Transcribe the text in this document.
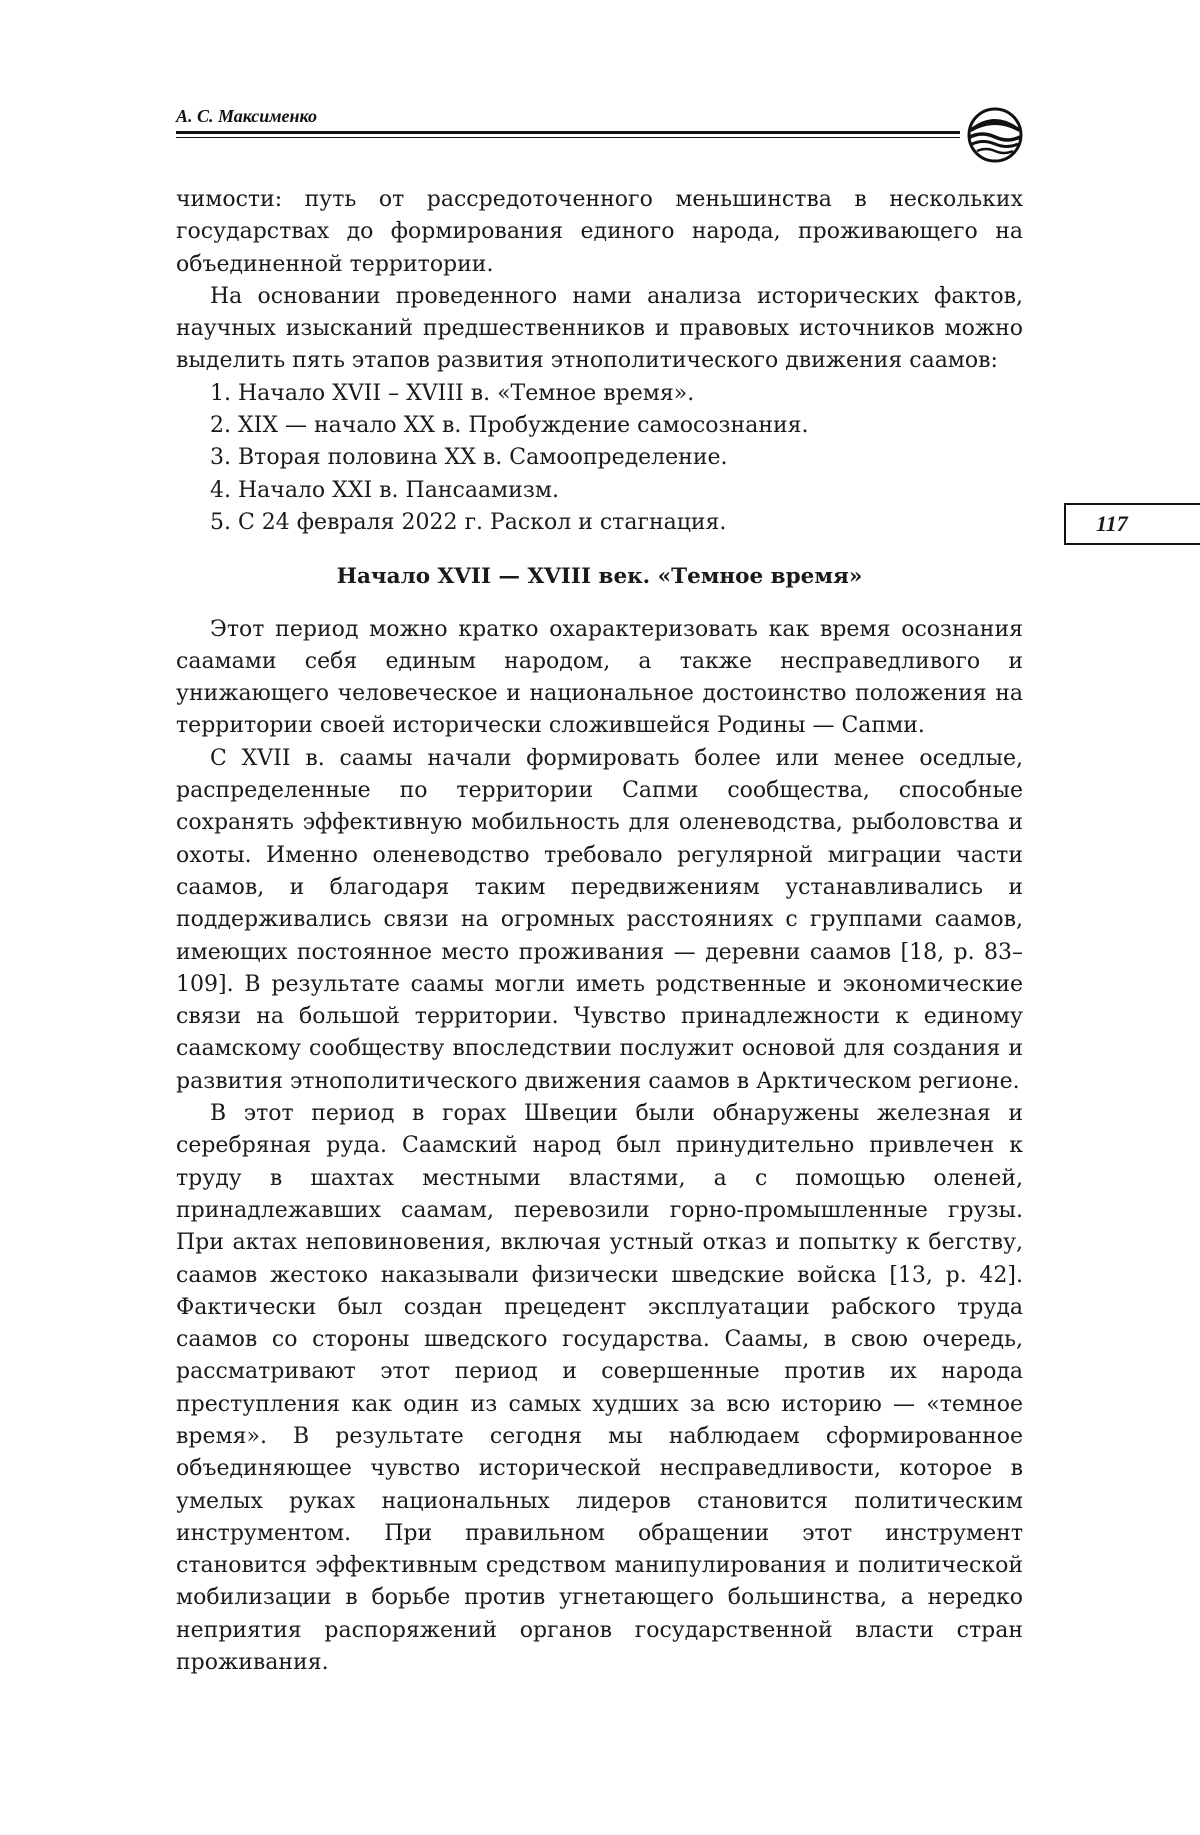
А. С. Максименко
117

чимости: путь от рассредоточенного меньшинства в нескольких государствах до формирования единого народа, проживающего на объединенной территории.

На основании проведенного нами анализа исторических фактов, научных изысканий предшественников и правовых источников можно выделить пять этапов развития этнополитического движения саамов:

1. Начало XVII – XVIII в. «Темное время».
2. XIX — начало XX в. Пробуждение самосознания.
3. Вторая половина XX в. Самоопределение.
4. Начало XXI в. Пансаамизм.
5. С 24 февраля 2022 г. Раскол и стагнация.
Начало XVII — XVIII век. «Темное время»

Этот период можно кратко охарактеризовать как время осознания саамами себя единым народом, а также несправедливого и унижающего человеческое и национальное достоинство положения на территории своей исторически сложившейся Родины — Сапми.

С XVII в. саамы начали формировать более или менее оседлые, распределенные по территории Сапми сообщества, способные сохранять эффективную мобильность для оленеводства, рыболовства и охоты. Именно оленеводство требовало регулярной миграции части саамов, и благодаря таким передвижениям устанавливались и поддерживались связи на огромных расстояниях с группами саамов, имеющих постоянное место проживания — деревни саамов [18, p. 83–109]. В результате саамы могли иметь родственные и экономические связи на большой территории. Чувство принадлежности к единому саамскому сообществу впоследствии послужит основой для создания и развития этнополитического движения саамов в Арктическом регионе.

В этот период в горах Швеции были обнаружены железная и серебряная руда. Саамский народ был принудительно привлечен к труду в шахтах местными властями, а с помощью оленей, принадлежавших саамам, перевозили горно-промышленные грузы. При актах неповиновения, включая устный отказ и попытку к бегству, саамов жестоко наказывали физически шведские войска [13, p. 42]. Фактически был создан прецедент эксплуатации рабского труда саамов со стороны шведского государства. Саамы, в свою очередь, рассматривают этот период и совершенные против их народа преступления как один из самых худших за всю историю — «темное время». В результате сегодня мы наблюдаем сформированное объединяющее чувство исторической несправедливости, которое в умелых руках национальных лидеров становится политическим инструментом. При правильном обращении этот инструмент становится эффективным средством манипулирования и политической мобилизации в борьбе против угнетающего большинства, а нередко неприятия распоряжений органов государственной власти стран проживания.
